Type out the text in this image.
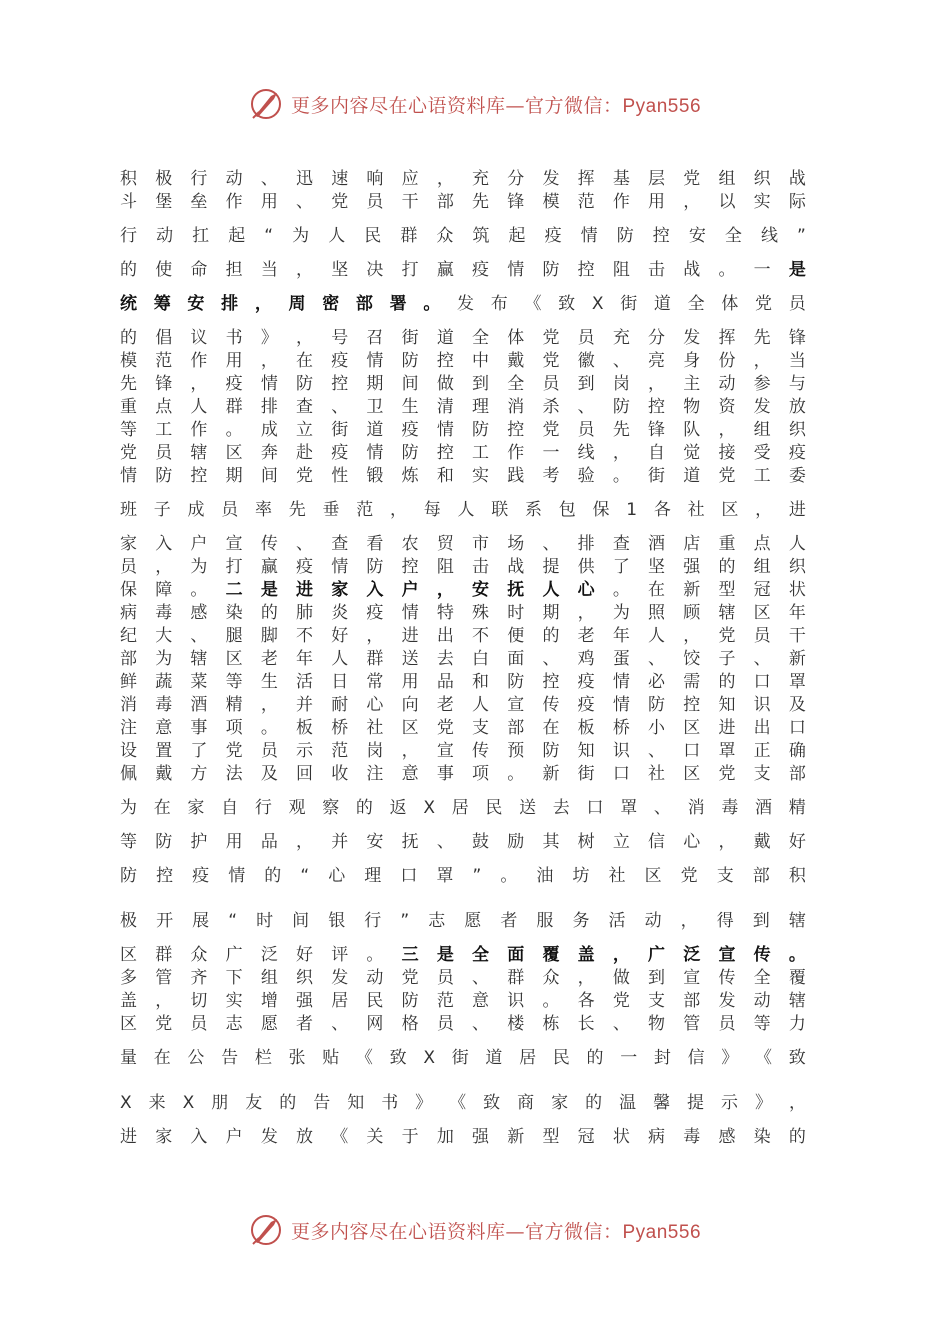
更多内容尽在心语资料库—官方微信：Pyan556
积 极 行 动 、 迅 速 响 应 ， 充 分 发 挥 基 层 党 组 织 战
斗 堡 垒 作 用 、 党 员 干 部 先 锋 模 范 作 用 ， 以 实 际
行 动 扛 起 “ 为 人 民 群 众 筑 起 疫 情 防 控 安 全 线 ”
的 使 命 担 当 ， 坚 决 打 赢 疫 情 防 控 阻 击 战 。 一 是
统 筹 安 排 ， 周 密 部 署 。 发 布 《 致 X 街 道 全 体 党 员
的 倡 议 书 》 ， 号 召 街 道 全 体 党 员 充 分 发 挥 先 锋
模 范 作 用 ， 在 疫 情 防 控 中 戴 党 徽 、 亮 身 份 ， 当
先 锋 ， 疫 情 防 控 期 间 做 到 全 员 到 岗 ， 主 动 参 与
重 点 人 群 排 查 、 卫 生 清 理 消 杀 、 防 控 物 资 发 放
等 工 作 。 成 立 街 道 疫 情 防 控 党 员 先 锋 队 ， 组 织
党 员 辖 区 奔 赴 疫 情 防 控 工 作 一 线 ， 自 觉 接 受 疫
情 防 控 期 间 党 性 锻 炼 和 实 践 考 验 。 街 道 党 工 委
班 子 成 员 率 先 垂 范 ， 每 人 联 系 包 保 1 各 社 区 ， 进
家 入 户 宣 传 、 查 看 农 贸 市 场 、 排 查 酒 店 重 点 人
员 ， 为 打 赢 疫 情 防 控 阻 击 战 提 供 了 坚 强 的 组 织
保 障 。 二 是 进 家 入 户 ， 安 抚 人 心 。 在 新 型 冠 状
病 毒 感 染 的 肺 炎 疫 情 特 殊 时 期 ， 为 照 顾 辖 区 年
纪 大 、 腿 脚 不 好 ， 进 出 不 便 的 老 年 人 ， 党 员 干
部 为 辖 区 老 年 人 群 送 去 白 面 、 鸡 蛋 、 饺 子 、 新
鲜 蔬 菜 等 生 活 日 常 用 品 和 防 控 疫 情 必 需 的 口 罩
消 毒 酒 精 ， 并 耐 心 向 老 人 宣 传 疫 情 防 控 知 识 及
注 意 事 项 。 板 桥 社 区 党 支 部 在 板 桥 小 区 进 出 口
设 置 了 党 员 示 范 岗 ， 宣 传 预 防 知 识 、 口 罩 正 确
佩 戴 方 法 及 回 收 注 意 事 项 。 新 街 口 社 区 党 支 部
为 在 家 自 行 观 察 的 返 X 居 民 送 去 口 罩 、 消 毒 酒 精
等 防 护 用 品 ， 并 安 抚 、 鼓 励 其 树 立 信 心 ， 戴 好
防 控 疫 情 的 “ 心 理 口 罩 ” 。 油 坊 社 区 党 支 部 积
极 开 展 “ 时 间 银 行 ” 志 愿 者 服 务 活 动 ， 得 到 辖
区 群 众 广 泛 好 评 。 三 是 全 面 覆 盖 ， 广 泛 宣 传 。
多 管 齐 下 组 织 发 动 党 员 、 群 众 ， 做 到 宣 传 全 覆
盖 ， 切 实 增 强 居 民 防 范 意 识 。 各 党 支 部 发 动 辖
区 党 员 志 愿 者 、 网 格 员 、 楼 栋 长 、 物 管 员 等 力
量 在 公 告 栏 张 贴 《 致 X 街 道 居 民 的 一 封 信 》 《 致
X 来 X 朋 友 的 告 知 书 》 《 致 商 家 的 温 馨 提 示 》 ，
进 家 入 户 发 放 《 关 于 加 强 新 型 冠 状 病 毒 感 染 的
更多内容尽在心语资料库—官方微信：Pyan556
